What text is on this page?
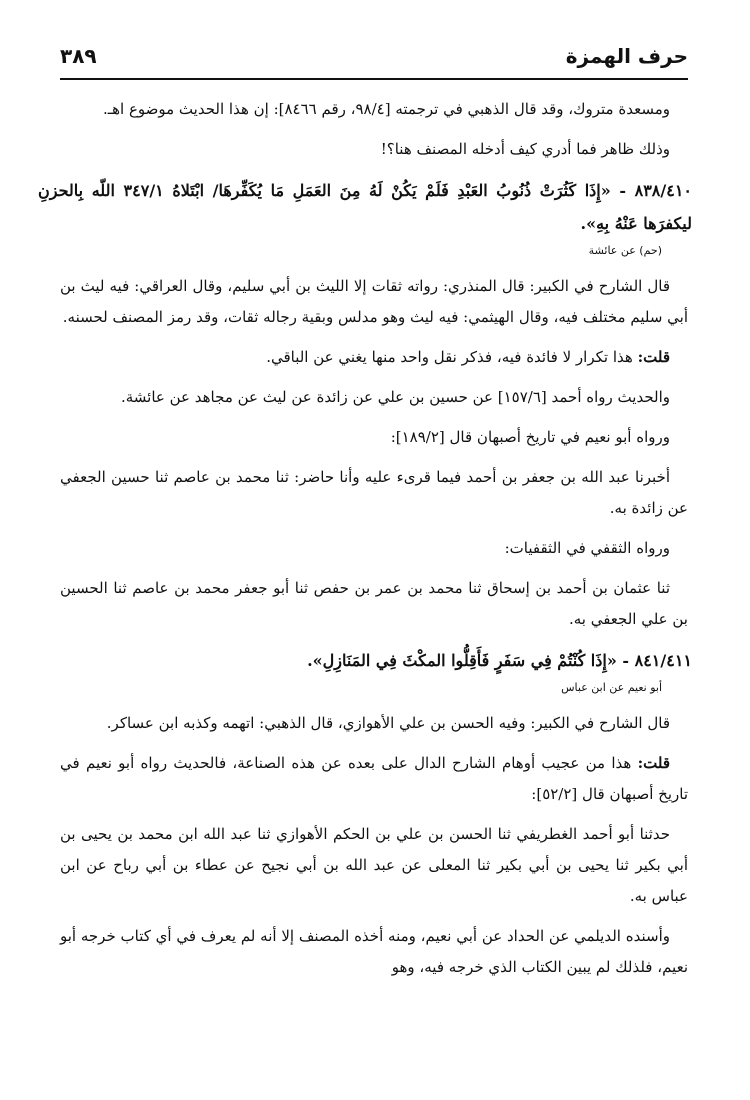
حرف الهمزة
٣٨٩

ومسعدة متروك، وقد قال الذهبي في ترجمته [٩٨/٤، رقم ٨٤٦٦]: إن هذا الحديث موضوع اهـ.

وذلك ظاهر فما أدري كيف أدخله المصنف هنا؟!

٨٣٨/٤١٠ - «إِذَا كَثُرَتْ ذُنُوبُ العَبْدِ فَلَمْ يَكُنْ لَهُ مِنَ العَمَلِ مَا يُكَفِّرهَا/ ابْتَلاهُ ٣٤٧/١ اللّه بِالحزنِ ليكفرَها عَنْهُ بِهِ».

(حم) عن عائشة

قال الشارح في الكبير: قال المنذري: رواته ثقات إلا الليث بن أبي سليم، وقال العراقي: فيه ليث بن أبي سليم مختلف فيه، وقال الهيثمي: فيه ليث وهو مدلس وبقية رجاله ثقات، وقد رمز المصنف لحسنه.

قلت: هذا تكرار لا فائدة فيه، فذكر نقل واحد منها يغني عن الباقي.

والحديث رواه أحمد [١٥٧/٦] عن حسين بن علي عن زائدة عن ليث عن مجاهد عن عائشة.

ورواه أبو نعيم في تاريخ أصبهان قال [١٨٩/٢]:

أخبرنا عبد الله بن جعفر بن أحمد فيما قرىء عليه وأنا حاضر: ثنا محمد بن عاصم ثنا حسين الجعفي عن زائدة به.

ورواه الثقفي في الثقفيات:

ثنا عثمان بن أحمد بن إسحاق ثنا محمد بن عمر بن حفص ثنا أبو جعفر محمد بن عاصم ثنا الحسين بن علي الجعفي به.

٨٤١/٤١١ - «إِذَا كُنْتُمْ فِي سَفَرٍ فَأَقِلُّوا المكْثَ فِي المَنَازِلِ».

أبو نعيم عن ابن عباس

قال الشارح في الكبير: وفيه الحسن بن علي الأهوازي، قال الذهبي: اتهمه وكذبه ابن عساكر.

قلت: هذا من عجيب أوهام الشارح الدال على بعده عن هذه الصناعة، فالحديث رواه أبو نعيم في تاريخ أصبهان قال [٥٢/٢]:

حدثنا أبو أحمد الغطريفي ثنا الحسن بن علي بن الحكم الأهوازي ثنا عبد الله ابن محمد بن يحيى بن أبي بكير ثنا يحيى بن أبي بكير ثنا المعلى عن عبد الله بن أبي نجيح عن عطاء بن أبي رباح عن ابن عباس به.

وأسنده الديلمي عن الحداد عن أبي نعيم، ومنه أخذه المصنف إلا أنه لم يعرف في أي كتاب خرجه أبو نعيم، فلذلك لم يبين الكتاب الذي خرجه فيه، وهو
